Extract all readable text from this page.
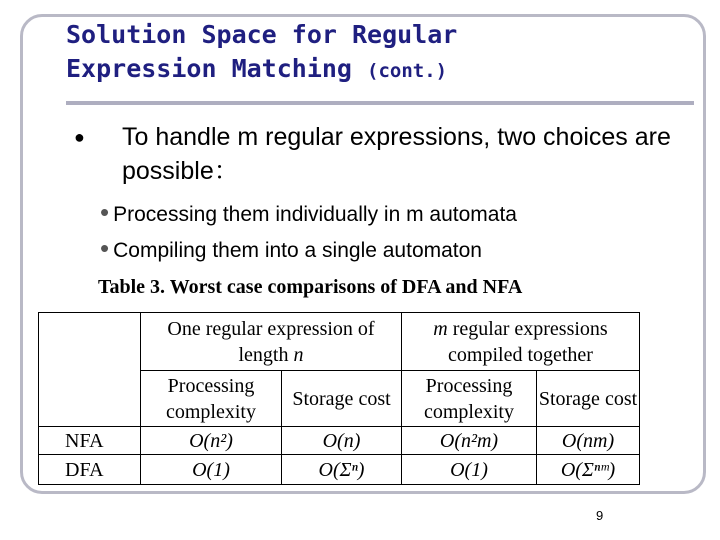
Solution Space for Regular
Expression Matching (cont.)
● To handle m regular expressions, two choices are possible：
• Processing them individually in m automata
• Compiling them into a single automaton
Table 3. Worst case comparisons of DFA and NFA
	One regular expression of length n		m regular expressions compiled together	
	Processing complexity	Storage cost	Processing complexity	Storage cost
NFA	O(n²)	O(n)	O(n²m)	O(nm)
DFA	O(1)	O(Σⁿ)	O(1)	O(Σⁿᵐ)
9
